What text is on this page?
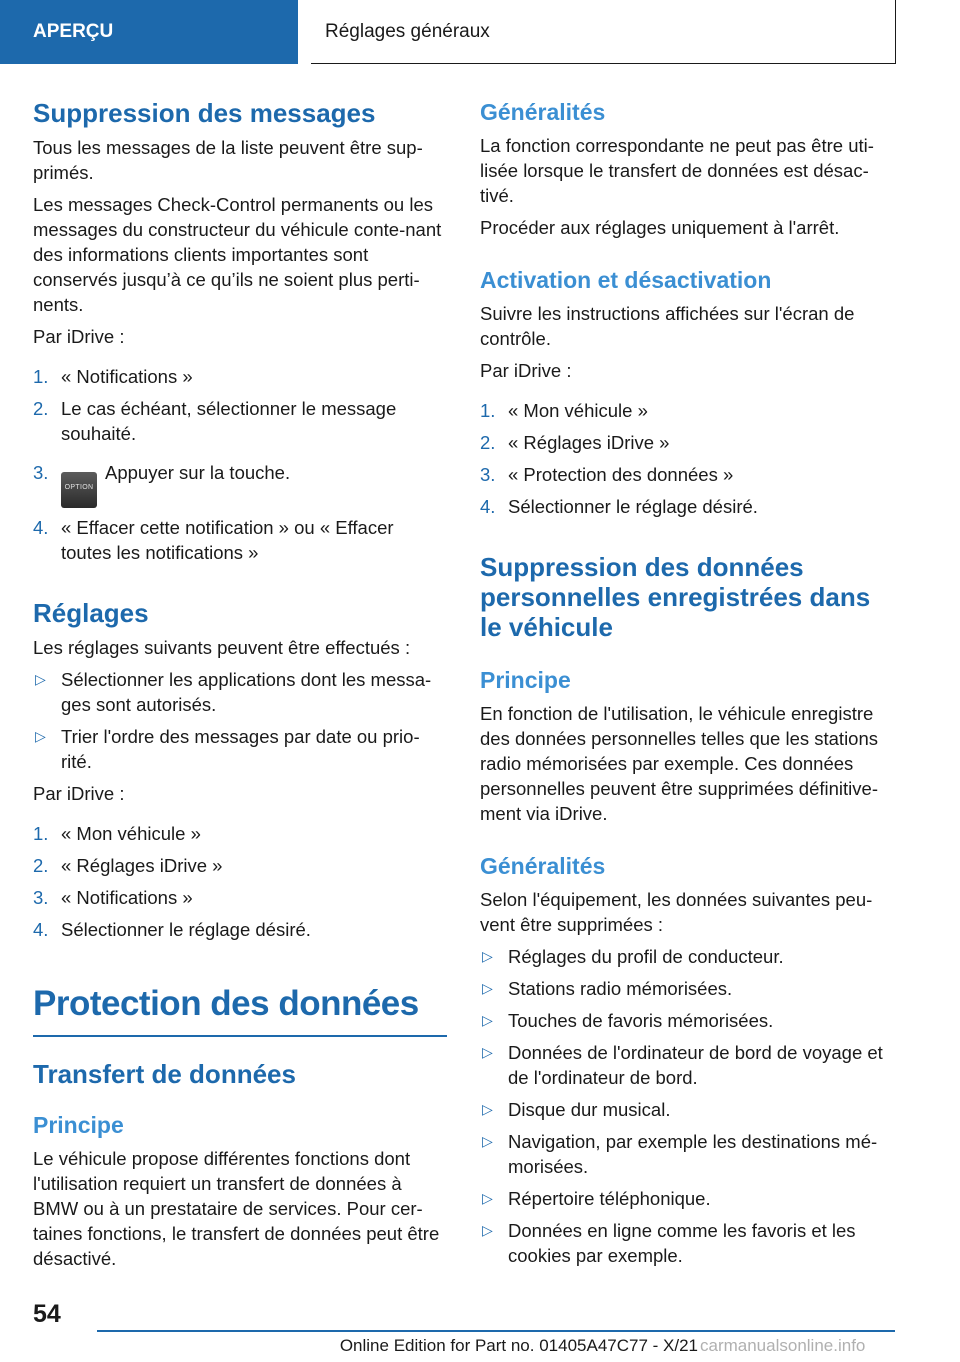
APERÇU	Réglages généraux
Suppression des messages

Tous les messages de la liste peuvent être sup‐primés.

Les messages Check-Control permanents ou les messages du constructeur du véhicule conte‐nant des informations clients importantes sont conservés jusqu’à ce qu’ils ne soient plus perti‐nents.

Par iDrive :

1. « Notifications »
2. Le cas échéant, sélectionner le message souhaité.
3.
OPTIONAppuyer sur la touche.
4. « Effacer cette notification » ou « Effacer toutes les notifications »
Réglages

Les réglages suivants peuvent être effectués :

▷ Sélectionner les applications dont les messa‐ges sont autorisés.
▷ Trier l'ordre des messages par date ou prio‐rité.

Par iDrive :

1. « Mon véhicule »
2. « Réglages iDrive »
3. « Notifications »
4. Sélectionner le réglage désiré.
Protection des données
Transfert de données
Principe

Le véhicule propose différentes fonctions dont l'utilisation requiert un transfert de données à BMW ou à un prestataire de services. Pour cer‐taines fonctions, le transfert de données peut être désactivé.

Généralités

La fonction correspondante ne peut pas être uti‐lisée lorsque le transfert de données est désac‐tivé.

Procéder aux réglages uniquement à l'arrêt.

Activation et désactivation

Suivre les instructions affichées sur l'écran de contrôle.

Par iDrive :

1. « Mon véhicule »
2. « Réglages iDrive »
3. « Protection des données »
4. Sélectionner le réglage désiré.
Suppression des données personnelles enregistrées dans le véhicule
Principe

En fonction de l'utilisation, le véhicule enregistre des données personnelles telles que les stations radio mémorisées par exemple. Ces données personnelles peuvent être supprimées définitive‐ment via iDrive.

Généralités

Selon l'équipement, les données suivantes peu‐vent être supprimées :

▷ Réglages du profil de conducteur.
▷ Stations radio mémorisées.
▷ Touches de favoris mémorisées.
▷ Données de l'ordinateur de bord de voyage et de l'ordinateur de bord.
▷ Disque dur musical.
▷ Navigation, par exemple les destinations mé‐morisées.
▷ Répertoire téléphonique.
▷ Données en ligne comme les favoris et les cookies par exemple.
54
carmanualsonline.info
Online Edition for Part no. 01405A47C77 - X/21
